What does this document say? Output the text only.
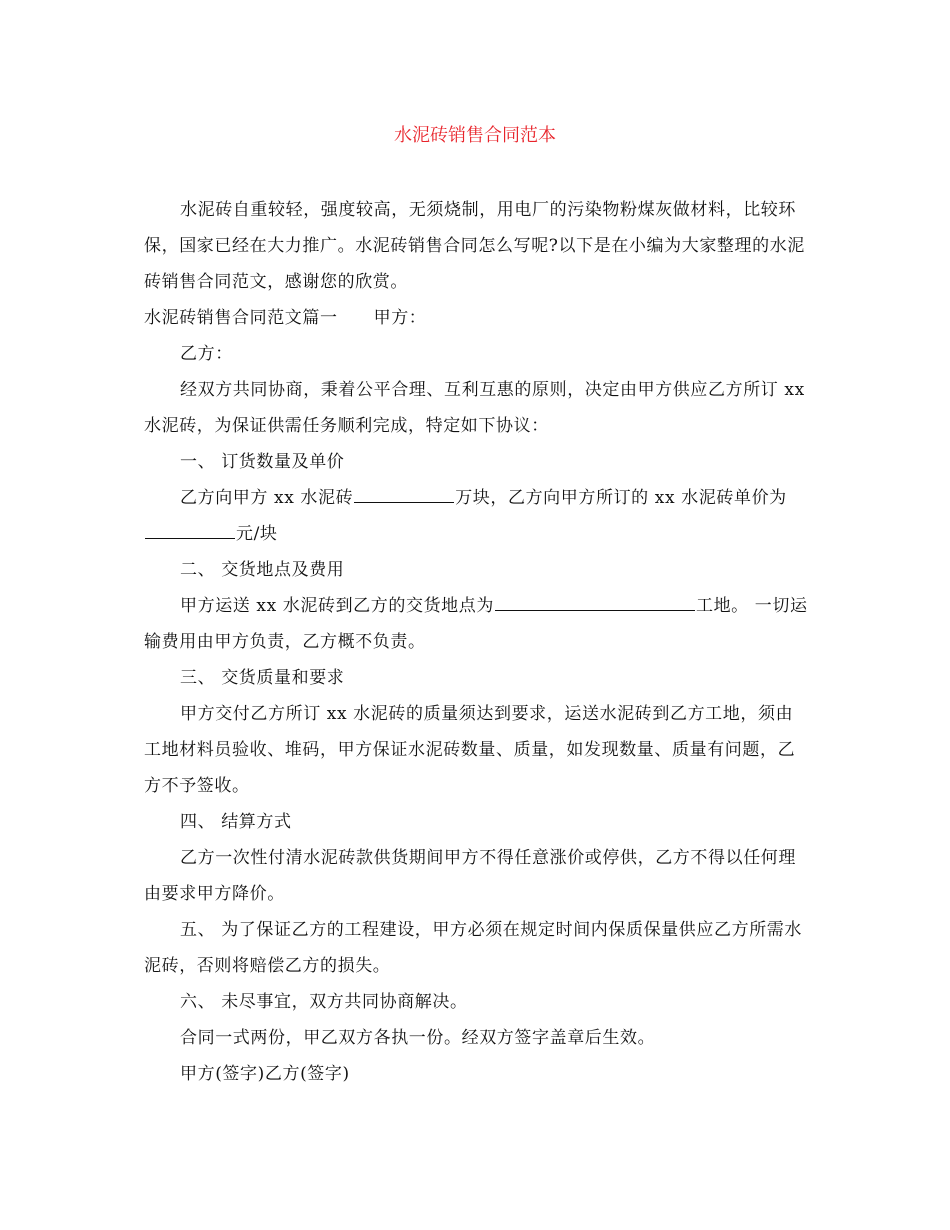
水泥砖销售合同范本

水泥砖自重较轻，强度较高，无须烧制，用电厂的污染物粉煤灰做材料，比较环保，国家已经在大力推广。水泥砖销售合同怎么写呢?以下是在小编为大家整理的水泥砖销售合同范文，感谢您的欣赏。

水泥砖销售合同范文篇一 甲方：

乙方：

经双方共同协商，秉着公平合理、互利互惠的原则，决定由甲方供应乙方所订 xx 水泥砖，为保证供需任务顺利完成，特定如下协议：

一、 订货数量及单价

乙方向甲方 xx 水泥砖	万块，乙方向甲方所订的 xx 水泥砖单价为元/块

二、 交货地点及费用

甲方运送 xx 水泥砖到乙方的交货地点为	工地。 一切运输费用由甲方负责，乙方概不负责。

三、 交货质量和要求

甲方交付乙方所订 xx 水泥砖的质量须达到要求，运送水泥砖到乙方工地，须由工地材料员验收、堆码，甲方保证水泥砖数量、质量，如发现数量、质量有问题，乙方不予签收。

四、 结算方式

乙方一次性付清水泥砖款供货期间甲方不得任意涨价或停供，乙方不得以任何理由要求甲方降价。

五、 为了保证乙方的工程建设，甲方必须在规定时间内保质保量供应乙方所需水泥砖，否则将赔偿乙方的损失。

六、 未尽事宜，双方共同协商解决。

合同一式两份，甲乙双方各执一份。经双方签字盖章后生效。

甲方(签字)乙方(签字)
